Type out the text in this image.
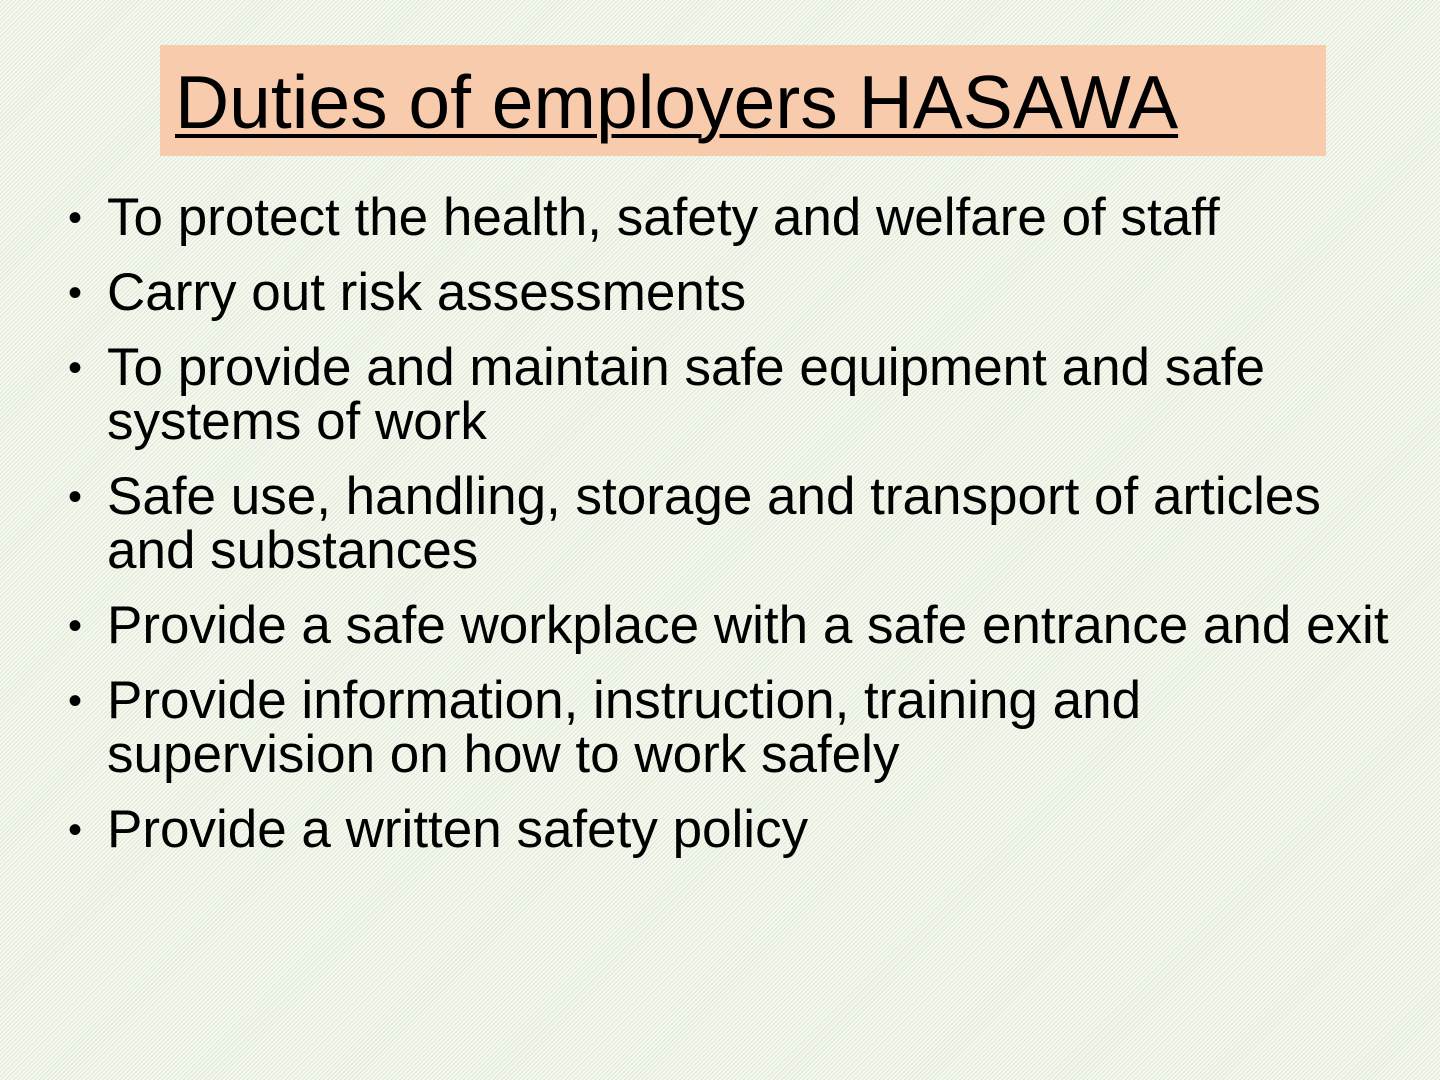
Duties of employers HASAWA
• To protect the health, safety and welfare of staff
• Carry out risk assessments
• To provide and maintain safe equipment and safe systems of work
• Safe use, handling, storage and transport of articles and substances
• Provide a safe workplace with a safe entrance and exit
• Provide information, instruction, training and supervision on how to work safely
• Provide a written safety policy
